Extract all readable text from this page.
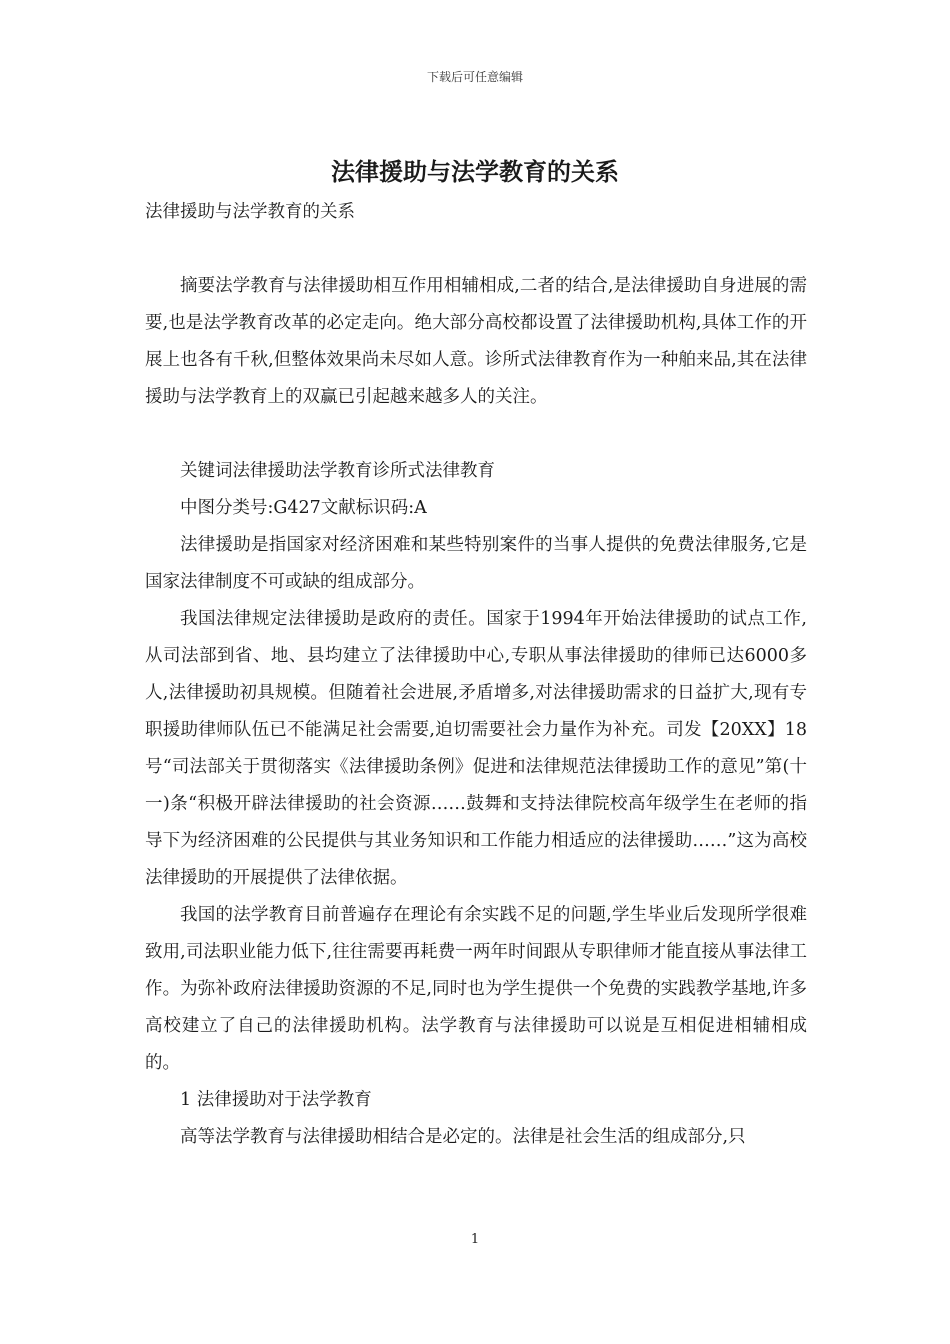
下载后可任意编辑
法律援助与法学教育的关系

法律援助与法学教育的关系

摘要法学教育与法律援助相互作用相辅相成,二者的结合,是法律援助自身进展的需要,也是法学教育改革的必定走向。绝大部分高校都设置了法律援助机构,具体工作的开展上也各有千秋,但整体效果尚未尽如人意。诊所式法律教育作为一种舶来品,其在法律援助与法学教育上的双赢已引起越来越多人的关注。

关键词法律援助法学教育诊所式法律教育

中图分类号:G427文献标识码:A

法律援助是指国家对经济困难和某些特别案件的当事人提供的免费法律服务,它是国家法律制度不可或缺的组成部分。

我国法律规定法律援助是政府的责任。国家于1994年开始法律援助的试点工作,从司法部到省、地、县均建立了法律援助中心,专职从事法律援助的律师已达6000多人,法律援助初具规模。但随着社会进展,矛盾增多,对法律援助需求的日益扩大,现有专职援助律师队伍已不能满足社会需要,迫切需要社会力量作为补充。司发【20XX】18号“司法部关于贯彻落实《法律援助条例》促进和法律规范法律援助工作的意见”第(十一)条“积极开辟法律援助的社会资源……鼓舞和支持法律院校高年级学生在老师的指导下为经济困难的公民提供与其业务知识和工作能力相适应的法律援助……”这为高校法律援助的开展提供了法律依据。

我国的法学教育目前普遍存在理论有余实践不足的问题,学生毕业后发现所学很难致用,司法职业能力低下,往往需要再耗费一两年时间跟从专职律师才能直接从事法律工作。为弥补政府法律援助资源的不足,同时也为学生提供一个免费的实践教学基地,许多高校建立了自己的法律援助机构。法学教育与法律援助可以说是互相促进相辅相成的。

1 法律援助对于法学教育

高等法学教育与法律援助相结合是必定的。法律是社会生活的组成部分,只

1
